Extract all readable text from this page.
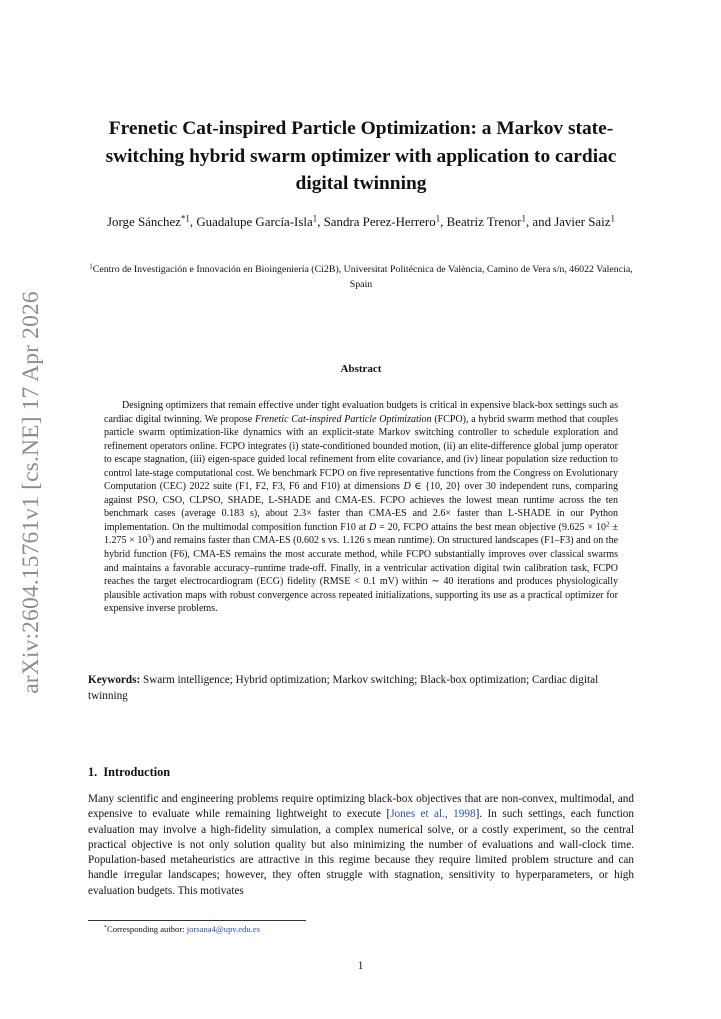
arXiv:2604.15761v1 [cs.NE] 17 Apr 2026
Frenetic Cat-inspired Particle Optimization: a Markov state-switching hybrid swarm optimizer with application to cardiac digital twinning
Jorge Sánchez$^{*1}$, Guadalupe García-Isla$^1$, Sandra Perez-Herrero$^1$, Beatriz Trenor$^1$, and Javier Saiz$^1$
$^1$Centro de Investigación e Innovación en Bioingeniería (Ci2B), Universitat Politécnica de València, Camino de Vera s/n, 46022 Valencia, Spain
Abstract

Designing optimizers that remain effective under tight evaluation budgets is critical in expensive black-box settings such as cardiac digital twinning. We propose Frenetic Cat-inspired Particle Optimization (FCPO), a hybrid swarm method that couples particle swarm optimization-like dynamics with an explicit-state Markov switching controller to schedule exploration and refinement operators online. FCPO integrates (i) state-conditioned bounded motion, (ii) an elite-difference global jump operator to escape stagnation, (iii) eigen-space guided local refinement from elite covariance, and (iv) linear population size reduction to control late-stage computational cost. We benchmark FCPO on five representative functions from the Congress on Evolutionary Computation (CEC) 2022 suite (F1, F2, F3, F6 and F10) at dimensions D ∈ {10, 20} over 30 independent runs, comparing against PSO, CSO, CLPSO, SHADE, L-SHADE and CMA-ES. FCPO achieves the lowest mean runtime across the ten benchmark cases (average 0.183 s), about 2.3× faster than CMA-ES and 2.6× faster than L-SHADE in our Python implementation. On the multimodal composition function F10 at D = 20, FCPO attains the best mean objective $(9.625 \times 10^2 \pm 1.275 \times 10^3)$ and remains faster than CMA-ES (0.602 s vs. 1.126 s mean runtime). On structured landscapes (F1–F3) and on the hybrid function (F6), CMA-ES remains the most accurate method, while FCPO substantially improves over classical swarms and maintains a favorable accuracy–runtime trade-off. Finally, in a ventricular activation digital twin calibration task, FCPO reaches the target electrocardiogram (ECG) fidelity (RMSE < 0.1 mV) within ∼ 40 iterations and produces physiologically plausible activation maps with robust convergence across repeated initializations, supporting its use as a practical optimizer for expensive inverse problems.

Keywords: Swarm intelligence; Hybrid optimization; Markov switching; Black-box optimization; Cardiac digital twinning

1. Introduction

Many scientific and engineering problems require optimizing black-box objectives that are non-convex, multimodal, and expensive to evaluate while remaining lightweight to execute [Jones et al., 1998]. In such settings, each function evaluation may involve a high-fidelity simulation, a complex numerical solve, or a costly experiment, so the central practical objective is not only solution quality but also minimizing the number of evaluations and wall-clock time. Population-based metaheuristics are attractive in this regime because they require limited problem structure and can handle irregular landscapes; however, they often struggle with stagnation, sensitivity to hyperparameters, or high evaluation budgets. This motivates

*Corresponding author: jorsana4@upv.edu.es
1
